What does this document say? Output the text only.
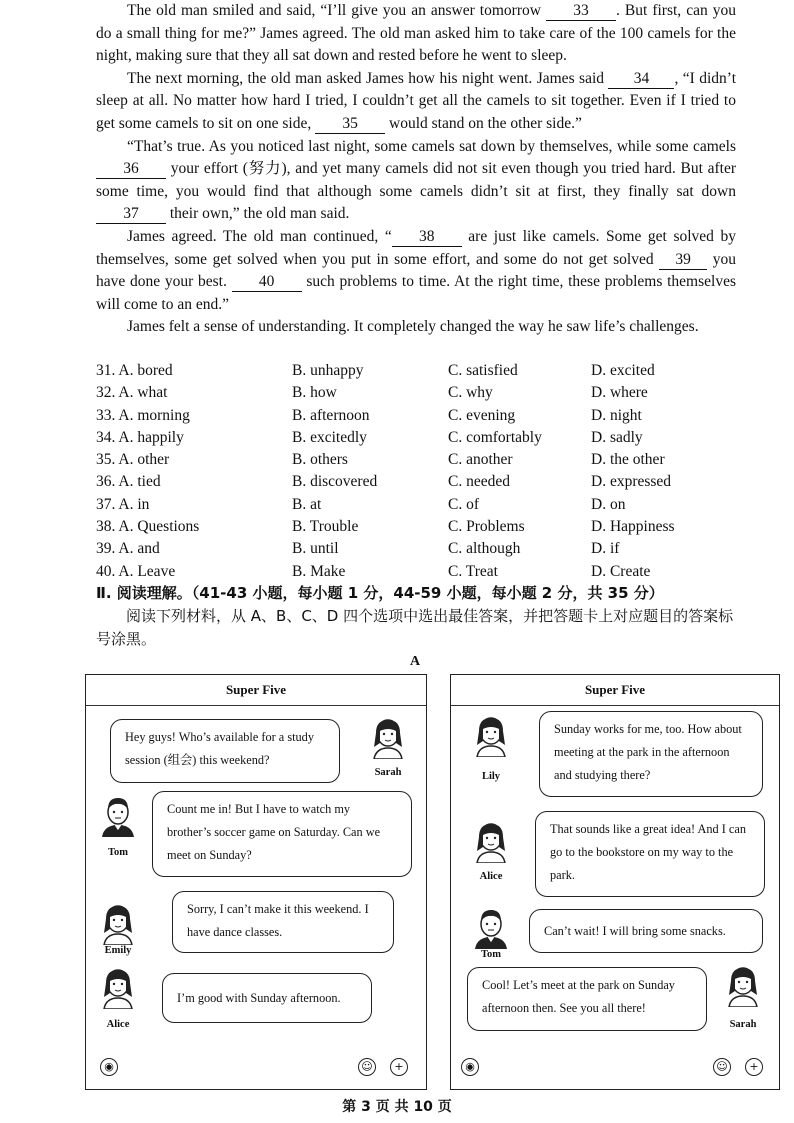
The old man smiled and said, “I’ll give you an answer tomorrow 33 . But first, can you do a small thing for me?” James agreed. The old man asked him to take care of the 100 camels for the night, making sure that they all sat down and rested before he went to sleep.

The next morning, the old man asked James how his night went. James said 34 , “I didn’t sleep at all. No matter how hard I tried, I couldn’t get all the camels to sit together. Even if I tried to get some camels to sit on one side, 35 would stand on the other side.”

“That’s true. As you noticed last night, some camels sat down by themselves, while some camels 36 your effort (努力), and yet many camels did not sit even though you tried hard. But after some time, you would find that although some camels didn’t sit at first, they finally sat down 37 their own,” the old man said.

James agreed. The old man continued, “ 38 are just like camels. Some get solved by themselves, some get solved when you put in some effort, and some do not get solved 39 you have done your best. 40 such problems to time. At the right time, these problems themselves will come to an end.”

James felt a sense of understanding. It completely changed the way he saw life’s challenges.

31. A. bored	B. unhappy	C. satisfied	D. excited
32. A. what	B. how	C. why	D. where
33. A. morning	B. afternoon	C. evening	D. night
34. A. happily	B. excitedly	C. comfortably	D. sadly
35. A. other	B. others	C. another	D. the other
36. A. tied	B. discovered	C. needed	D. expressed
37. A. in	B. at	C. of	D. on
38. A. Questions	B. Trouble	C. Problems	D. Happiness
39. A. and	B. until	C. although	D. if
40. A. Leave	B. Make	C. Treat	D. Create
Ⅱ. 阅读理解。（41-43 小题，每小题 1 分，44-59 小题，每小题 2 分，共 35 分）
阅读下列材料，从 A、B、C、D 四个选项中选出最佳答案，并把答题卡上对应题目的答案标号涂黑。
A
Super Five
Hey guys! Who’s available for a study session (组会) this weekend?
Sarah
Tom
Count me in! But I have to watch my brother’s soccer game on Saturday. Can we meet on Sunday?
Emily
Sorry, I can’t make it this weekend. I have dance classes.
Alice
I’m good with Sunday afternoon.
◉	☺	+
Super Five
Lily
Sunday works for me, too. How about meeting at the park in the afternoon and studying there?
Alice
That sounds like a great idea! And I can go to the bookstore on my way to the park.
Tom
Can’t wait! I will bring some snacks.
Cool! Let’s meet at the park on Sunday afternoon then. See you all there!
Sarah
◉	☺	+
第 3 页 共 10 页
